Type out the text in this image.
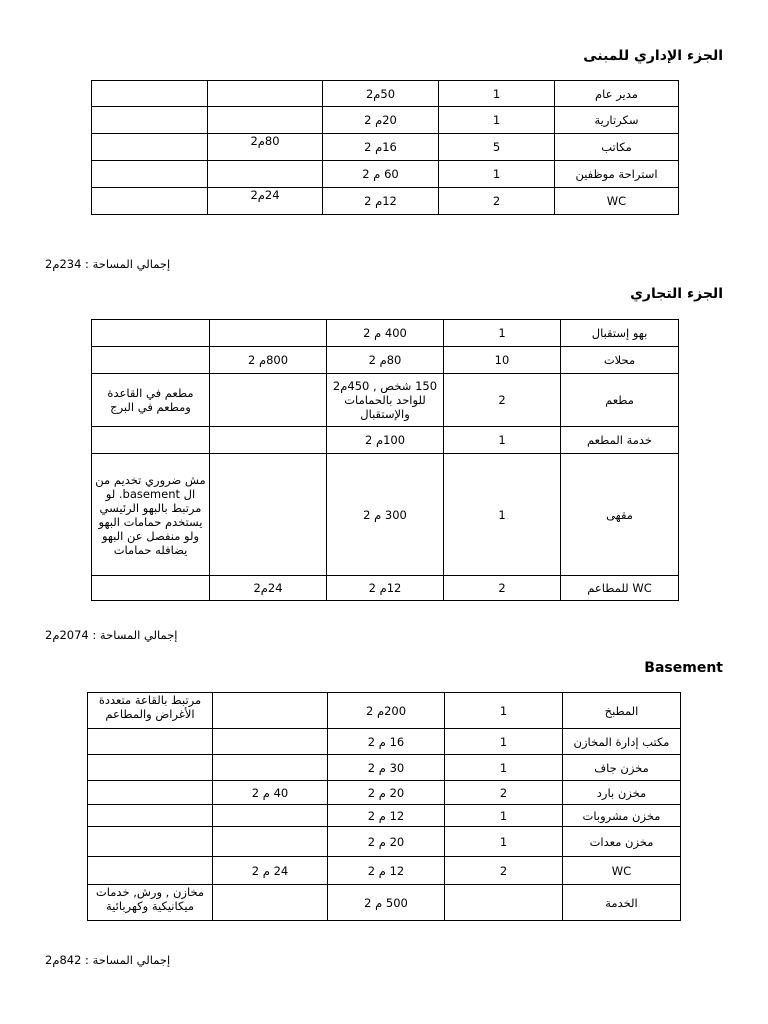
الجزء الإداري للمبنى
مدير عام	1	50م2		
سكرتارية	1	20م 2		
مكاتب	5	16م 2	80م2	
استراحة موظفين	1	60 م 2		
WC	2	12م 2	24م2	

إجمالي المساحة : 234م2

الجزء التجاري
بهو إستقبال	1	400 م 2		
محلات	10	80م 2	800م 2	
مطعم	2	150 شخص , 450م2 للواحد بالحمامات والإستقبال		مطعم في القاعدة ومطعم في البرج
خدمة المطعم	1	100م 2		
مقهى	1	300 م 2		مش ضروري تخديم من ال basement. لو مرتبط بالبهو الرئيسي يستخدم حمامات البهو ولو منفصل عن البهو يضافله حمامات
WC للمطاعم	2	12م 2	24م2	

إجمالي المساحة : 2074م2

Basement
المطبخ	1	200م 2		مرتبط بالقاعة متعددة الأغراض والمطاعم
مكتب إدارة المخازن	1	16 م 2		
مخزن جاف	1	30 م 2		
مخزن بارد	2	20 م 2	40 م 2	
مخزن مشروبات	1	12 م 2		
مخزن معدات	1	20 م 2		
WC	2	12 م 2	24 م 2	
الخدمة		500 م 2		مخازن , ورش, خدمات ميكانيكية وكهربائية

إجمالي المساحة : 842م2
